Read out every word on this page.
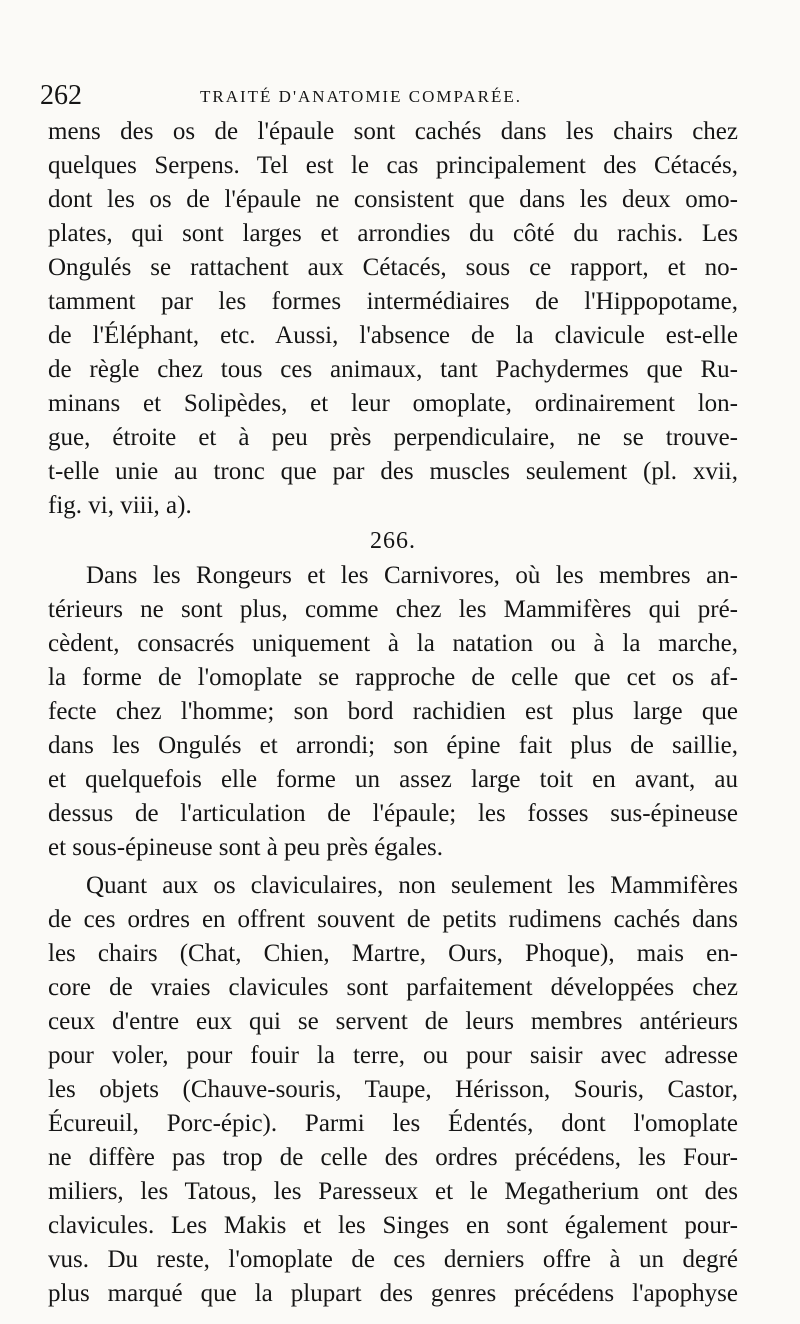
262	TRAITÉ D'ANATOMIE COMPARÉE.
mens des os de l'épaule sont cachés dans les chairs chez
quelques Serpens. Tel est le cas principalement des Cétacés,
dont les os de l'épaule ne consistent que dans les deux omo-
plates, qui sont larges et arrondies du côté du rachis. Les
Ongulés se rattachent aux Cétacés, sous ce rapport, et no-
tamment par les formes intermédiaires de l'Hippopotame,
de l'Éléphant, etc. Aussi, l'absence de la clavicule est-elle
de règle chez tous ces animaux, tant Pachydermes que Ru-
minans et Solipèdes, et leur omoplate, ordinairement lon-
gue, étroite et à peu près perpendiculaire, ne se trouve-
t-elle unie au tronc que par des muscles seulement (pl. xvii,
fig. vi, viii, a).
266.
Dans les Rongeurs et les Carnivores, où les membres an-
térieurs ne sont plus, comme chez les Mammifères qui pré-
cèdent, consacrés uniquement à la natation ou à la marche,
la forme de l'omoplate se rapproche de celle que cet os af-
fecte chez l'homme; son bord rachidien est plus large que
dans les Ongulés et arrondi; son épine fait plus de saillie,
et quelquefois elle forme un assez large toit en avant, au
dessus de l'articulation de l'épaule; les fosses sus-épineuse
et sous-épineuse sont à peu près égales.
Quant aux os claviculaires, non seulement les Mammifères
de ces ordres en offrent souvent de petits rudimens cachés dans
les chairs (Chat, Chien, Martre, Ours, Phoque), mais en-
core de vraies clavicules sont parfaitement développées chez
ceux d'entre eux qui se servent de leurs membres antérieurs
pour voler, pour fouir la terre, ou pour saisir avec adresse
les objets (Chauve-souris, Taupe, Hérisson, Souris, Castor,
Écureuil, Porc-épic). Parmi les Édentés, dont l'omoplate
ne diffère pas trop de celle des ordres précédens, les Four-
miliers, les Tatous, les Paresseux et le Megatherium ont des
clavicules. Les Makis et les Singes en sont également pour-
vus. Du reste, l'omoplate de ces derniers offre à un degré
plus marqué que la plupart des genres précédens l'apophyse
